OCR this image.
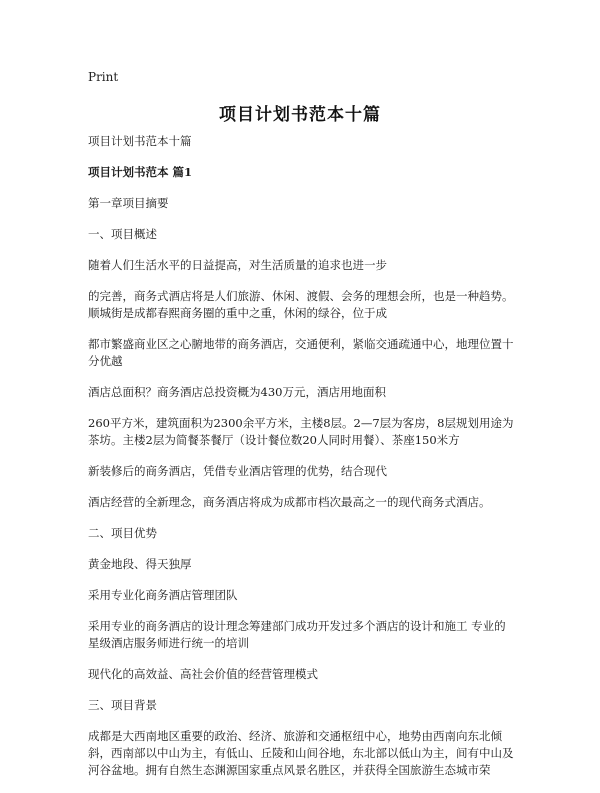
Print
项目计划书范本十篇

项目计划书范本十篇

项目计划书范本 篇1

第一章项目摘要

一、项目概述

随着人们生活水平的日益提高，对生活质量的追求也进一步

的完善，商务式酒店将是人们旅游、休闲、渡假、会务的理想会所，也是一种趋势。顺城街是成都春熙商务圈的重中之重，休闲的绿谷，位于成

都市繁盛商业区之心腑地带的商务酒店，交通便利，紧临交通疏通中心，地理位置十分优越

酒店总面积？商务酒店总投资概为430万元，酒店用地面积

260平方米，建筑面积为2300余平方米，主楼8层。2—7层为客房，8层规划用途为茶坊。主楼2层为简餐茶餐厅（设计餐位数20人同时用餐）、茶座150米方

新装修后的商务酒店，凭借专业酒店管理的优势，结合现代

酒店经营的全新理念，商务酒店将成为成都市档次最高之一的现代商务式酒店。

二、项目优势

黄金地段、得天独厚

采用专业化商务酒店管理团队

采用专业的商务酒店的设计理念筹建部门成功开发过多个酒店的设计和施工 专业的星级酒店服务师进行统一的培训

现代化的高效益、高社会价值的经营管理模式

三、项目背景

成都是大西南地区重要的政治、经济、旅游和交通枢纽中心，地势由西南向东北倾斜，西南部以中山为主，有低山、丘陵和山间谷地，东北部以低山为主，间有中山及河谷盆地。拥有自然生态渊源国家重点风景名胜区，并获得全国旅游生态城市荣
